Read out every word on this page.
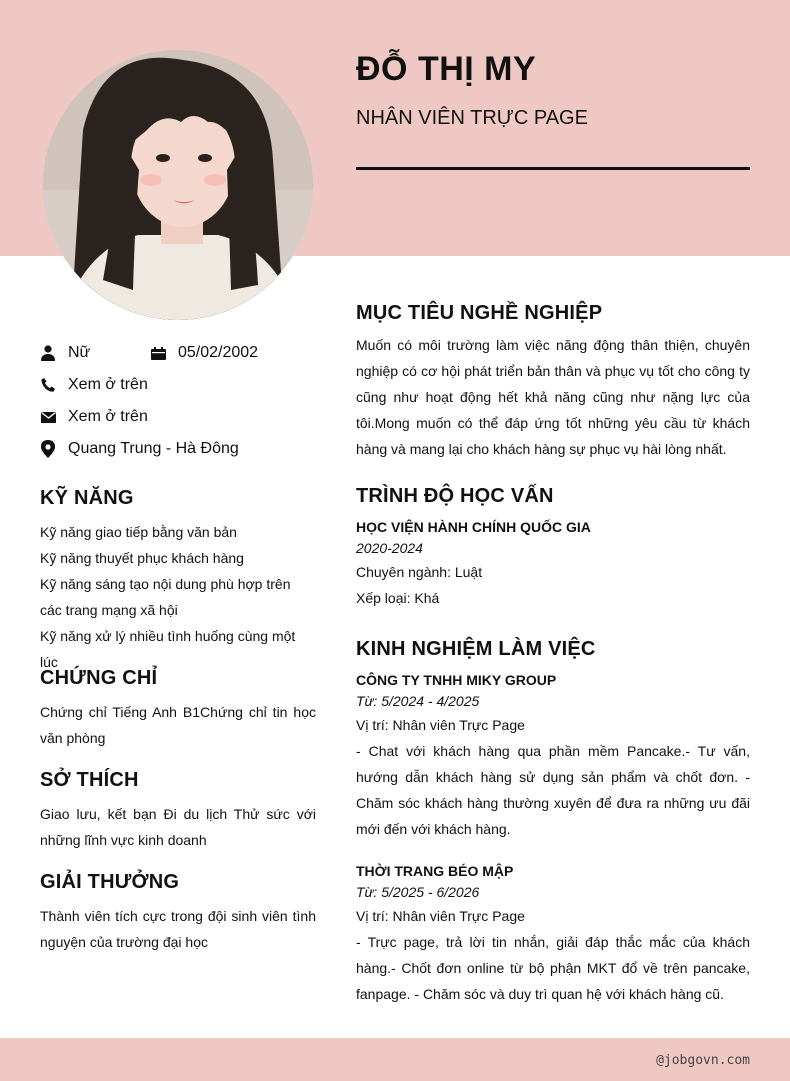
ĐỖ THỊ MY
NHÂN VIÊN TRỰC PAGE
Nữ	05/02/2002
Xem ở trên
Xem ở trên
Quang Trung - Hà Đông
KỸ NĂNG
Kỹ năng giao tiếp bằng văn bản
Kỹ năng thuyết phục khách hàng
Kỹ năng sáng tạo nội dung phù hợp trên các trang mạng xã hội
Kỹ năng xử lý nhiều tình huống cùng một lúc
CHỨNG CHỈ
Chứng chỉ Tiếng Anh B1Chứng chỉ tin học văn phòng
SỞ THÍCH
Giao lưu, kết bạn Đi du lịch Thử sức với những lĩnh vực kinh doanh
GIẢI THƯỞNG
Thành viên tích cực trong đội sinh viên tình nguyện của trường đại học
MỤC TIÊU NGHỀ NGHIỆP
Muốn có môi trường làm việc năng động thân thiện, chuyên nghiệp có cơ hội phát triển bản thân và phục vụ tốt cho công ty cũng như hoạt động hết khả năng cũng như nặng lực của tôi.Mong muốn có thể đáp ứng tốt những yêu cầu từ khách hàng và mang lại cho khách hàng sự phục vụ hài lòng nhất.
TRÌNH ĐỘ HỌC VẤN
HỌC VIỆN HÀNH CHÍNH QUỐC GIA
2020-2024
Chuyên ngành: Luật
Xếp loại: Khá
KINH NGHIỆM LÀM VIỆC
CÔNG TY TNHH MIKY GROUP
Từ: 5/2024 - 4/2025
Vị trí: Nhân viên Trực Page
- Chat với khách hàng qua phần mềm Pancake.- Tư vấn, hướng dẫn khách hàng sử dụng sản phẩm và chốt đơn. - Chăm sóc khách hàng thường xuyên để đưa ra những ưu đãi mới đến với khách hàng.
THỜI TRANG BÉO MẬP
Từ: 5/2025 - 6/2026
Vị trí: Nhân viên Trực Page
- Trực page, trả lời tin nhắn, giải đáp thắc mắc của khách hàng.- Chốt đơn online từ bộ phận MKT đổ về trên pancake, fanpage. - Chăm sóc và duy trì quan hệ với khách hàng cũ.
@jobgovn.com
